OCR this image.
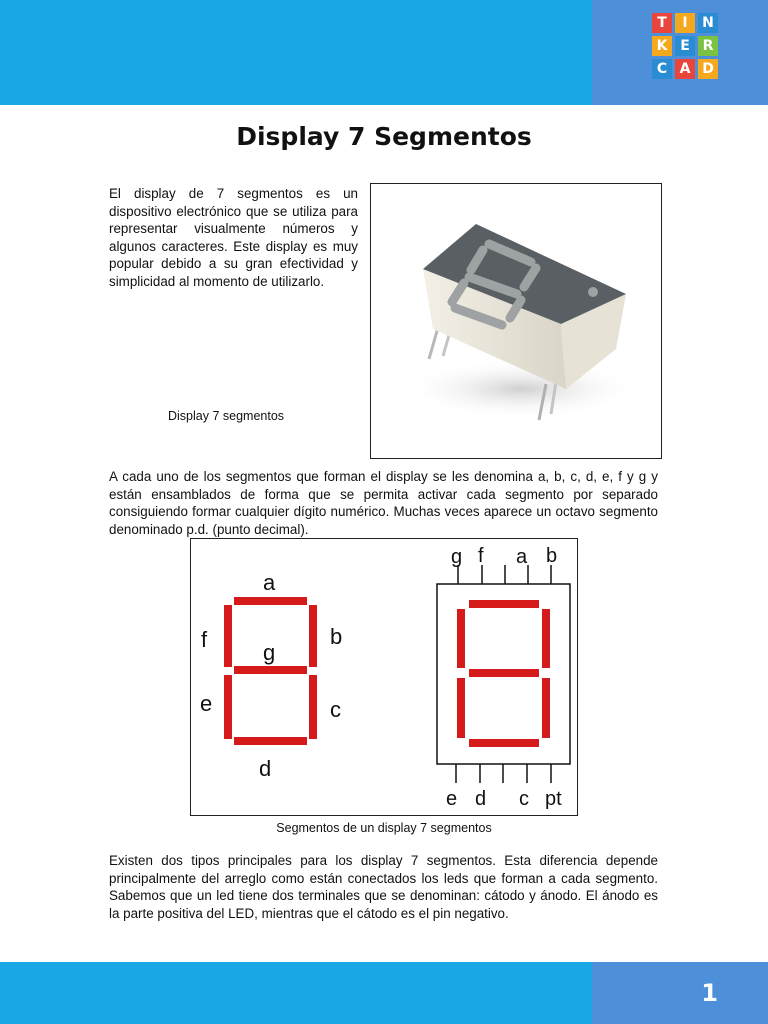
T	I	N
K E R
C A D
Display 7 Segmentos

El display de 7 segmentos es un dispositivo electrónico que se utiliza para representar visualmente números y algunos caracteres. Este display es muy popular debido a su gran efectividad y simplicidad al momento de utilizarlo.

Display 7 segmentos

A cada uno de los segmentos que forman el display se les denomina a, b, c, d, e, f y g y están ensamblados de forma que se permita activar cada segmento por separado consiguiendo formar cualquier dígito numérico. Muchas veces aparece un octavo segmento denominado p.d. (punto decimal).

a
b
c
d
e
f
g
g f a b
e d c pt
Segmentos de un display 7 segmentos

Existen dos tipos principales para los display 7 segmentos. Esta diferencia depende principalmente del arreglo como están conectados los leds que forman a cada segmento. Sabemos que un led tiene dos terminales que se denominan: cátodo y ánodo. El ánodo es la parte positiva del LED, mientras que el cátodo es el pin negativo.

1
